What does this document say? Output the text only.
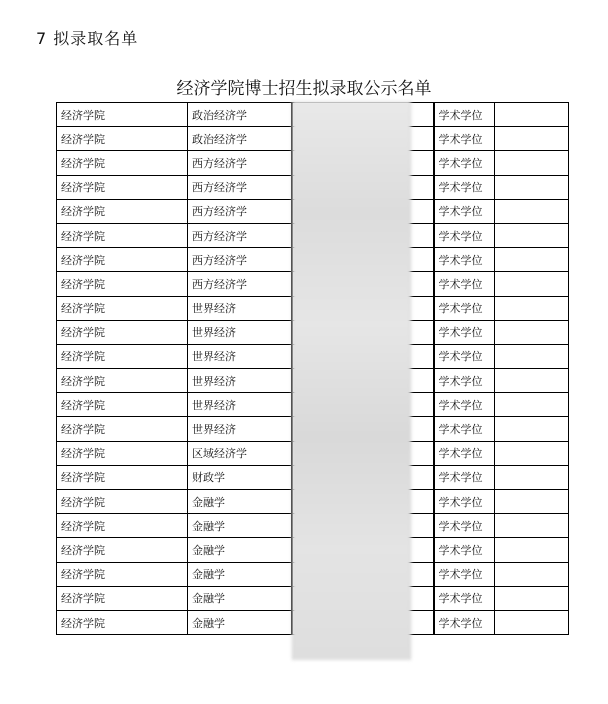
7 拟录取名单
经济学院博士招生拟录取公示名单
经济学院	政治经济学		学术学位	
经济学院	政治经济学		学术学位	
经济学院	西方经济学		学术学位	
经济学院	西方经济学		学术学位	
经济学院	西方经济学		学术学位	
经济学院	西方经济学		学术学位	
经济学院	西方经济学		学术学位	
经济学院	西方经济学		学术学位	
经济学院	世界经济		学术学位	
经济学院	世界经济		学术学位	
经济学院	世界经济		学术学位	
经济学院	世界经济		学术学位	
经济学院	世界经济		学术学位	
经济学院	世界经济		学术学位	
经济学院	区域经济学		学术学位	
经济学院	财政学		学术学位	
经济学院	金融学		学术学位	
经济学院	金融学		学术学位	
经济学院	金融学		学术学位	
经济学院	金融学		学术学位	
经济学院	金融学		学术学位	
经济学院	金融学		学术学位	
